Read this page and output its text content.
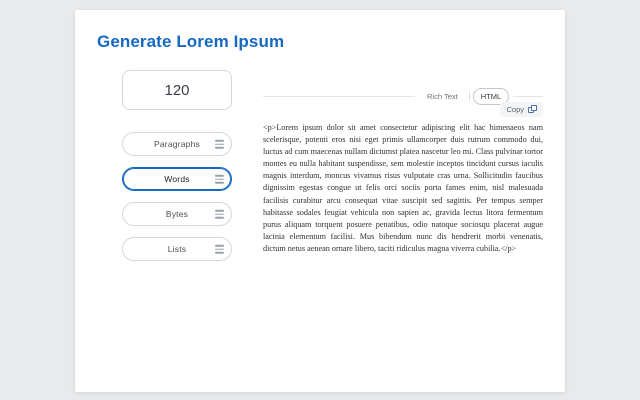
Generate Lorem Ipsum
120
Paragraphs
Words
Bytes
Lists
Rich Text	HTML
Copy
<p>Lorem ipsum dolor sit amet consectetur adipiscing elit hac himenaeos nam scelerisque, potenti eros nisi eget primis ullamcorper duis rutrum commodo dui, luctus ad cum maecenas nullam dictumst platea nascetur leo mi. Class pulvinar tortor montes eu nulla habitant suspendisse, sem molestie inceptos tincidunt cursus iaculis magnis interdum, moncus vivamus risus vulputate cras urna. Sollicitudin faucibus dignissim egestas congue ut felis orci sociis porta fames enim, nisl malesuada facilisis curabitur arcu consequat vitae suscipit sed sagittis. Per tempus semper habitasse sodales feugiat vehicula non sapien ac, gravida lectus litora fermentum purus aliquam torquent posuere penatibus, odio natoque sociosqu placerat augue lacinia elementum facilisi. Mus bibendum nunc dis hendrerit morbi venenatis, dictum netus aenean ornare libero, taciti ridiculus magna viverra cubilia.</p>
